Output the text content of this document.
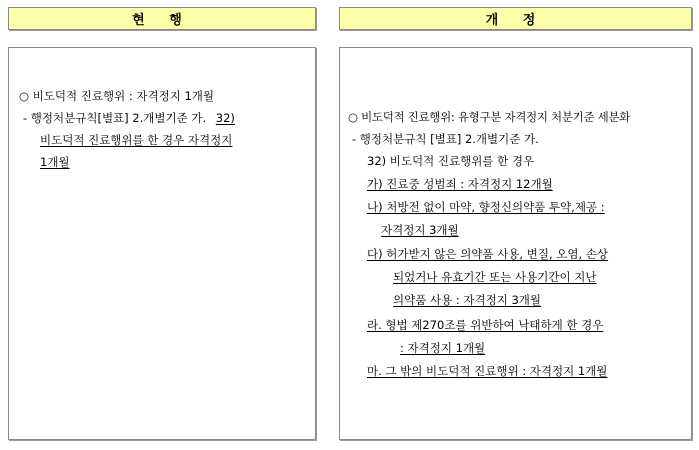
현 행	개 정
○ 비도덕적 진료행위 : 자격정지 1개월
- 행정처분규칙[별표] 2.개별기준 가. 32)
비도덕적 진료행위를 한 경우 자격정지
1개월
○ 비도덕적 진료행위: 유형구분 자격정지 처분기준 세분화
- 행정처분규칙 [별표] 2.개별기준 가.
32) 비도덕적 진료행위를 한 경우
가) 진료중 성범죄 : 자격정지 12개월
나) 처방전 없이 마약, 향정신의약품 투약,제공 :
자격정지 3개월
다) 허가받지 않은 의약품 사용, 변질, 오염, 손상
되었거나 유효기간 또는 사용기간이 지난
의약품 사용 : 자격정지 3개월
라. 형법 제270조를 위반하여 낙태하게 한 경우
: 자격정지 1개월
마. 그 밖의 비도덕적 진료행위 : 자격정지 1개월
